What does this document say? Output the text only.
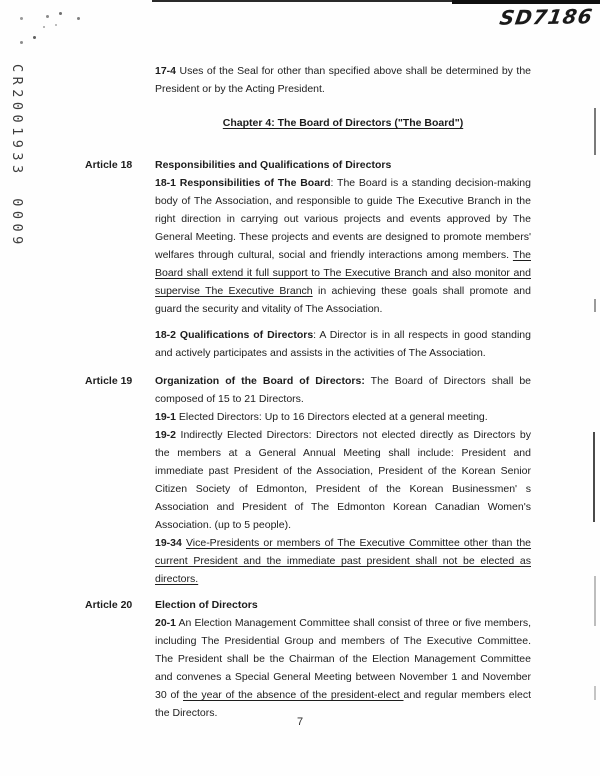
SD7186
CR2001933 0009	17-4 Uses of the Seal for other than specified above shall be determined by the President or by the Acting President.

Chapter 4: The Board of Directors ("The Board")
Article 18	Responsibilities and Qualifications of Directors

18-1 Responsibilities of The Board: The Board is a standing decision-making body of The Association, and responsible to guide The Executive Branch in the right direction in carrying out various projects and events approved by The General Meeting. These projects and events are designed to promote members' welfares through cultural, social and friendly interactions among members. The Board shall extend it full support to The Executive Branch and also monitor and supervise The Executive Branch in achieving these goals shall promote and guard the security and vitality of The Association.

18-2 Qualifications of Directors: A Director is in all respects in good standing and actively participates and assists in the activities of The Association.

Article 19	Organization of the Board of Directors: The Board of Directors shall be composed of 15 to 21 Directors.

19-1 Elected Directors: Up to 16 Directors elected at a general meeting.

19-2 Indirectly Elected Directors: Directors not elected directly as Directors by the members at a General Annual Meeting shall include: President and immediate past President of the Association, President of the Korean Senior Citizen Society of Edmonton, President of the Korean Businessmen' s Association and President of The Edmonton Korean Canadian Women's Association. (up to 5 people).

19-34 Vice-Presidents or members of The Executive Committee other than the current President and the immediate past president shall not be elected as directors.

Article 20	Election of Directors

20-1 An Election Management Committee shall consist of three or five members, including The Presidential Group and members of The Executive Committee. The President shall be the Chairman of the Election Management Committee and convenes a Special General Meeting between November 1 and November 30 of the year of the absence of the president-elect and regular members elect the Directors.

7
